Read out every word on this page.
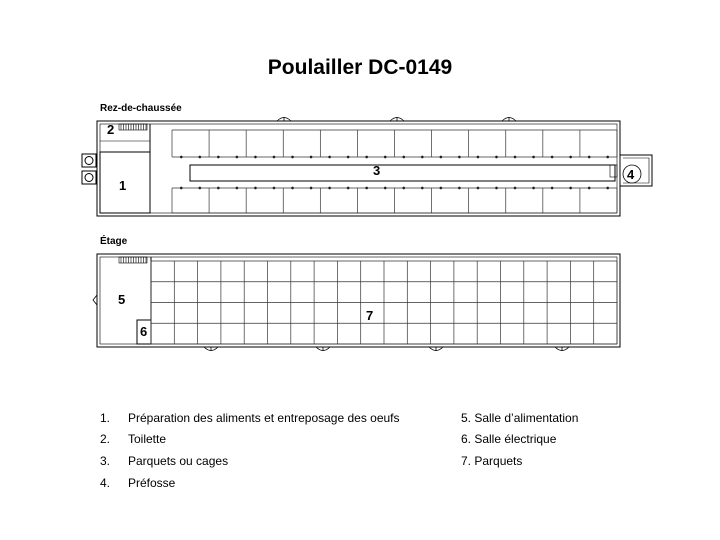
Poulailler DC-0149
Rez-de-chaussée
Étage
2
1
3	4
5
6
7
1. Préparation des aliments et entreposage des oeufs
2. Toilette
3. Parquets ou cages
4. Préfosse
5. Salle d’alimentation
6. Salle électrique
7. Parquets
